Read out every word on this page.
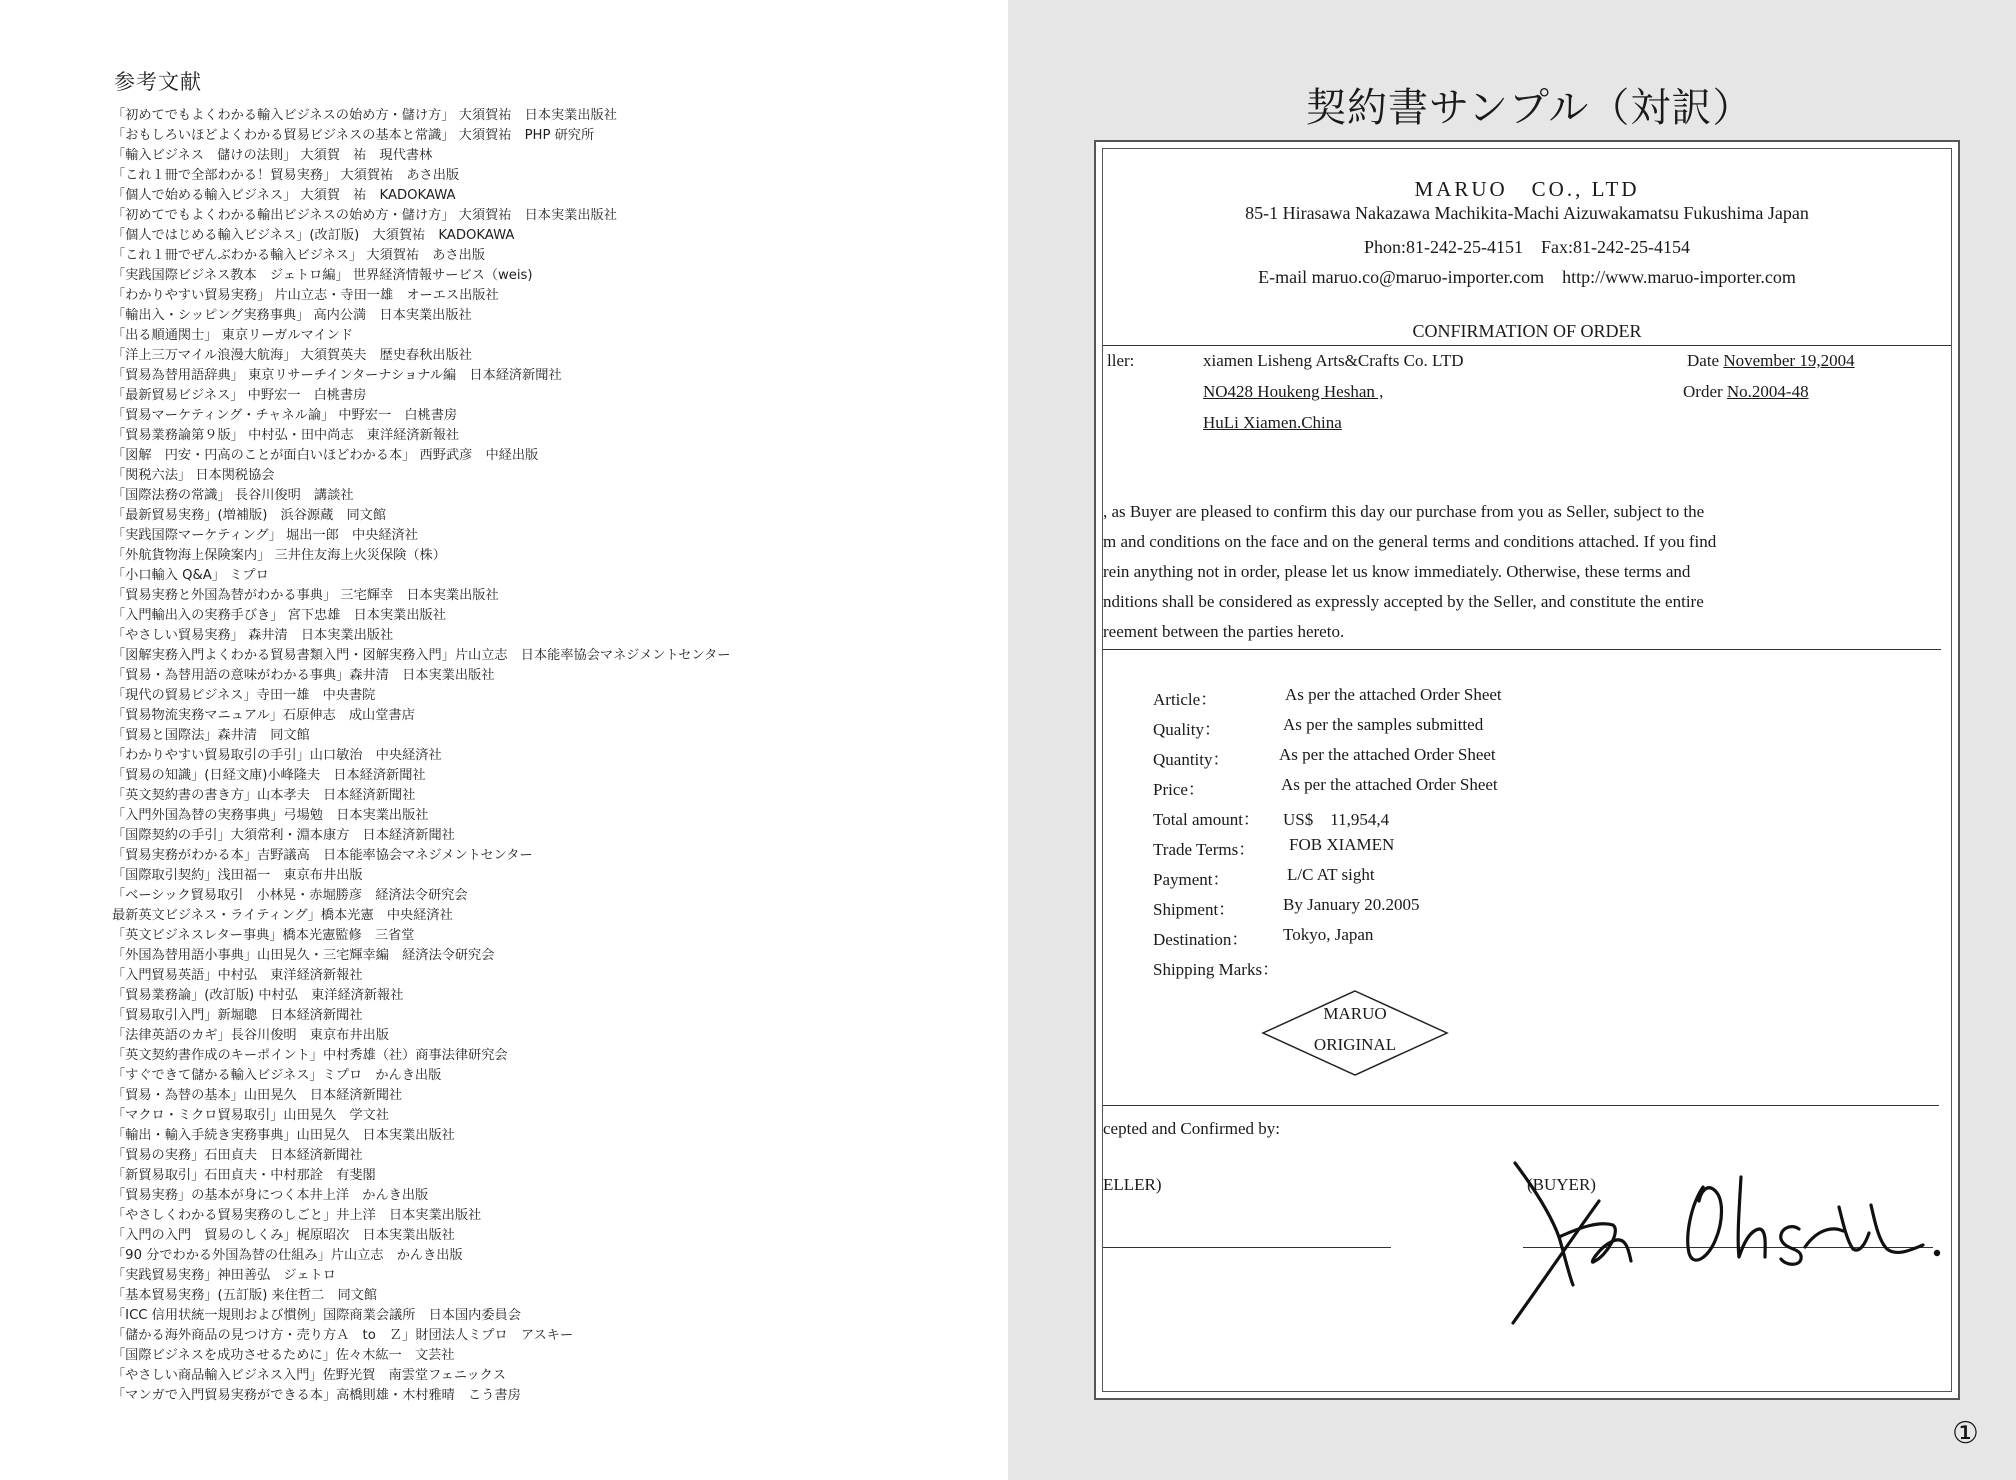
参考文献
「初めてでもよくわかる輸入ビジネスの始め方・儲け方」 大須賀祐　日本実業出版社
「おもしろいほどよくわかる貿易ビジネスの基本と常識」 大須賀祐　PHP 研究所
「輸入ビジネス　儲けの法則」 大須賀　祐　現代書林
「これ１冊で全部わかる！貿易実務」 大須賀祐　あさ出版
「個人で始める輸入ビジネス」 大須賀　祐　KADOKAWA
「初めてでもよくわかる輸出ビジネスの始め方・儲け方」 大須賀祐　日本実業出版社
「個人ではじめる輸入ビジネス」(改訂版)　大須賀祐　KADOKAWA
「これ１冊でぜんぶわかる輸入ビジネス」 大須賀祐　あさ出版
「実践国際ビジネス教本　ジェトロ編」 世界経済情報サービス（weis)
「わかりやすい貿易実務」 片山立志・寺田一雄　オーエス出版社
「輸出入・シッピング実務事典」 高内公満　日本実業出版社
「出る順通関士」 東京リーガルマインド
「洋上三万マイル浪漫大航海」 大須賀英夫　歴史春秋出版社
「貿易為替用語辞典」 東京リサーチインターナショナル編　日本経済新聞社
「最新貿易ビジネス」 中野宏一　白桃書房
「貿易マーケティング・チャネル論」 中野宏一　白桃書房
「貿易業務論第９版」 中村弘・田中尚志　東洋経済新報社
「図解　円安・円高のことが面白いほどわかる本」 西野武彦　中経出版
「関税六法」 日本関税協会
「国際法務の常識」 長谷川俊明　講談社
「最新貿易実務」(増補版)　浜谷源蔵　同文館
「実践国際マーケティング」 堀出一郎　中央経済社
「外航貨物海上保険案内」 三井住友海上火災保険（株）
「小口輸入 Q&A」 ミプロ
「貿易実務と外国為替がわかる事典」 三宅輝幸　日本実業出版社
「入門輸出入の実務手びき」 宮下忠雄　日本実業出版社
「やさしい貿易実務」 森井清　日本実業出版社
「図解実務入門よくわかる貿易書類入門・図解実務入門」片山立志　日本能率協会マネジメントセンター
「貿易・為替用語の意味がわかる事典」森井清　日本実業出版社
「現代の貿易ビジネス」寺田一雄　中央書院
「貿易物流実務マニュアル」石原伸志　成山堂書店
「貿易と国際法」森井清　同文館
「わかりやすい貿易取引の手引」山口敏治　中央経済社
「貿易の知識」(日経文庫)小峰隆夫　日本経済新聞社
「英文契約書の書き方」山本孝夫　日本経済新聞社
「入門外国為替の実務事典」弓場勉　日本実業出版社
「国際契約の手引」大須常利・淵本康方　日本経済新聞社
「貿易実務がわかる本」吉野議高　日本能率協会マネジメントセンター
「国際取引契約」浅田福一　東京布井出版
「ベーシック貿易取引　小林晃・赤堀勝彦　経済法令研究会
最新英文ビジネス・ライティング」橋本光憲　中央経済社
「英文ビジネスレター事典」橋本光憲監修　三省堂
「外国為替用語小事典」山田晃久・三宅輝幸編　経済法令研究会
「入門貿易英語」中村弘　東洋経済新報社
「貿易業務論」(改訂版) 中村弘　東洋経済新報社
「貿易取引入門」新堀聰　日本経済新聞社
「法律英語のカギ」長谷川俊明　東京布井出版
「英文契約書作成のキーポイント」中村秀雄（社）商事法律研究会
「すぐできて儲かる輸入ビジネス」ミプロ　かんき出版
「貿易・為替の基本」山田晃久　日本経済新聞社
「マクロ・ミクロ貿易取引」山田晃久　学文社
「輸出・輸入手続き実務事典」山田晃久　日本実業出版社
「貿易の実務」石田貞夫　日本経済新聞社
「新貿易取引」石田貞夫・中村那詮　有斐閣
「貿易実務」の基本が身につく本井上洋　かんき出版
「やさしくわかる貿易実務のしごと」井上洋　日本実業出版社
「入門の入門　貿易のしくみ」梶原昭次　日本実業出版社
「90 分でわかる外国為替の仕組み」片山立志　かんき出版
「実践貿易実務」神田善弘　ジェトロ
「基本貿易実務」(五訂版) 来住哲二　同文館
「ICC 信用状統一規則および慣例」国際商業会議所　日本国内委員会
「儲かる海外商品の見つけ方・売り方Ａ　to　Ｚ」財団法人ミプロ　アスキー
「国際ビジネスを成功させるために」佐々木紘一　文芸社
「やさしい商品輸入ビジネス入門」佐野光賀　南雲堂フェニックス
「マンガで入門貿易実務ができる本」高橋則雄・木村雅晴　こう書房
契約書サンプル（対訳）
MARUO　CO., LTD
85-1 Hirasawa Nakazawa Machikita-Machi Aizuwakamatsu Fukushima Japan
Phon:81-242-25-4151　Fax:81-242-25-4154
E-mail maruo.co@maruo-importer.com　http://www.maruo-importer.com
CONFIRMATION OF ORDER
ller:	xiamen Lisheng Arts&Crafts Co. LTD
NO428 Houkeng Heshan ,
HuLi Xiamen.China
Date November 19,2004
Order No.2004-48
, as Buyer are pleased to confirm this day our purchase from you as Seller, subject to the
m and conditions on the face and on the general terms and conditions attached. If you find
rein anything not in order, please let us know immediately. Otherwise, these terms and
nditions shall be considered as expressly accepted by the Seller, and constitute the entire
reement between the parties hereto.
Article：	As per the attached Order Sheet
Quality：	As per the samples submitted
Quantity：	As per the attached Order Sheet
Price：	As per the attached Order Sheet
Total amount： US$　11,954,4
Trade Terms： FOB XIAMEN
Payment：	L/C AT sight
Shipment：	By January 20.2005
Destination： Tokyo, Japan
Shipping Marks：
MARUO
ORIGINAL
cepted and Confirmed by:
ELLER)	(BUYER)
①
